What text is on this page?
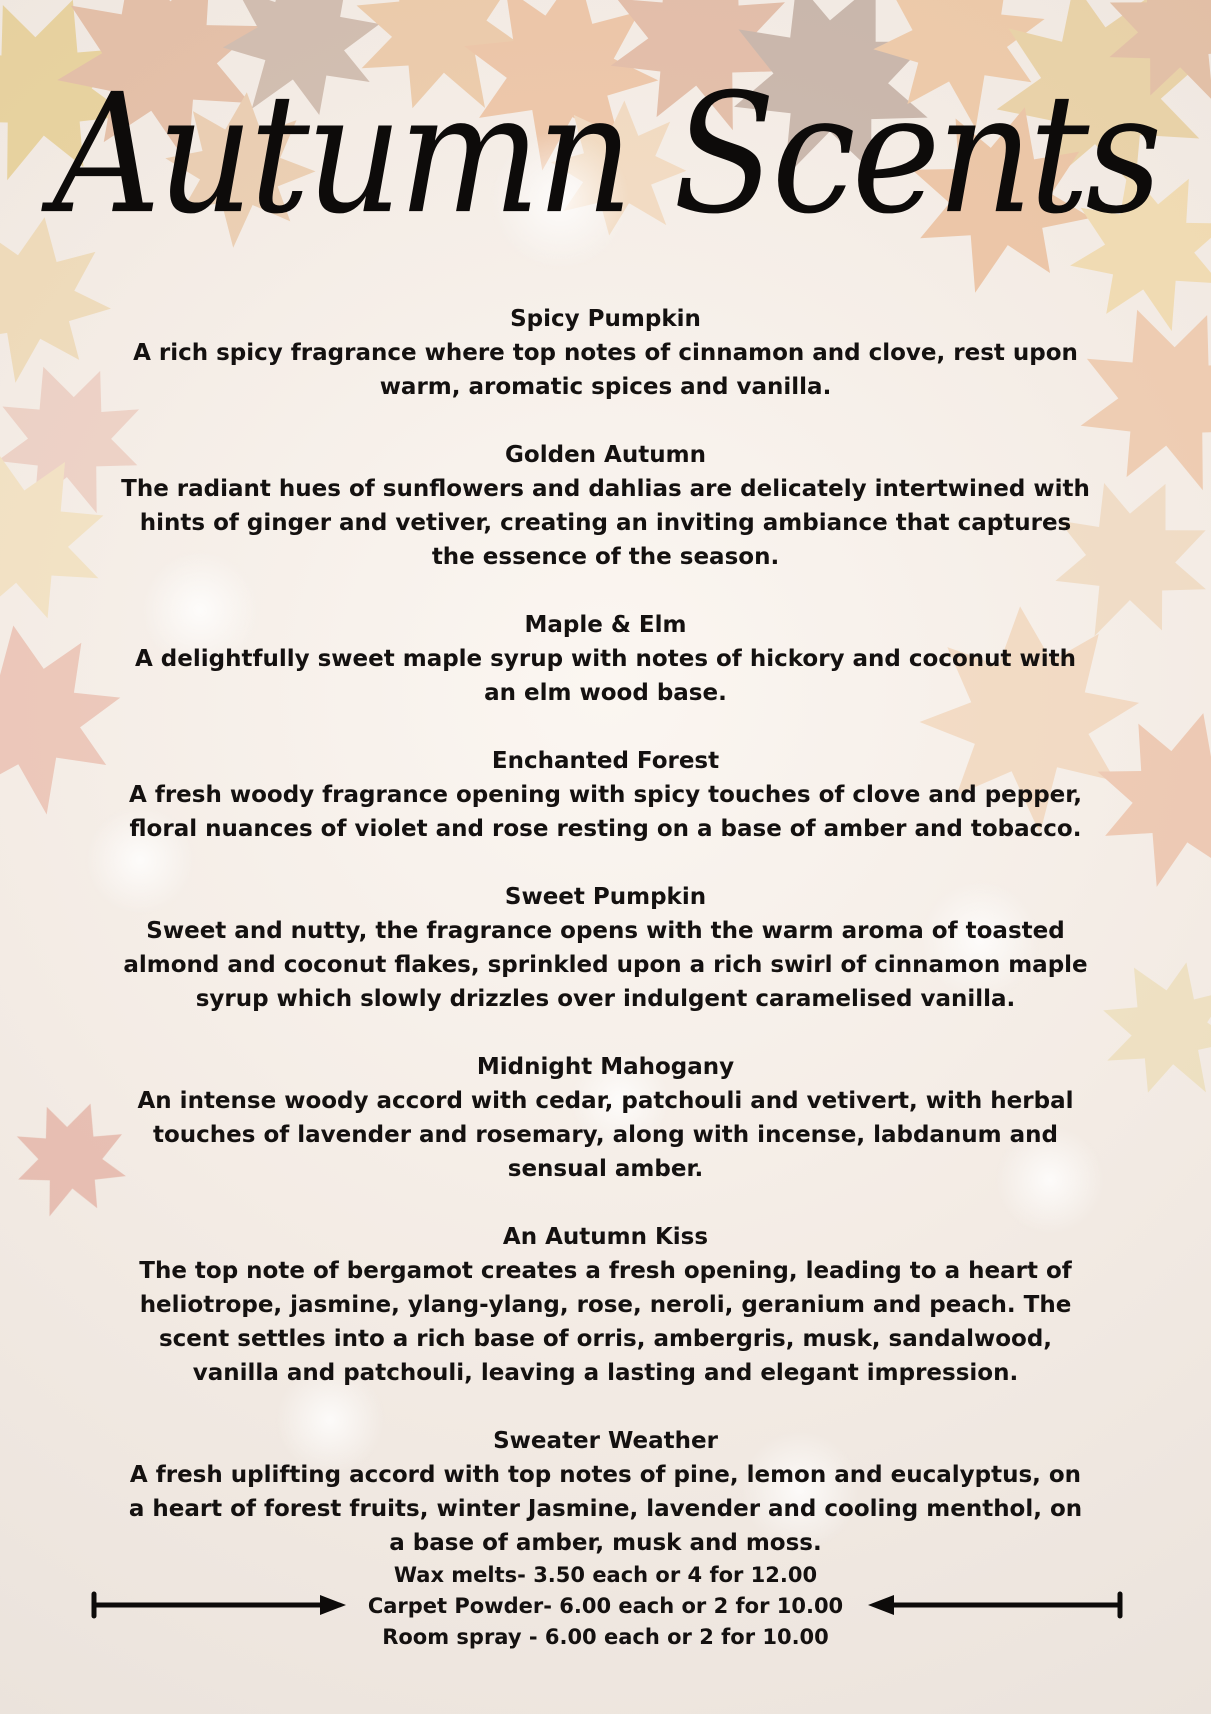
Autumn Scents
Spicy Pumpkin
A rich spicy fragrance where top notes of cinnamon and clove, rest upon warm, aromatic spices and vanilla.
Golden Autumn
The radiant hues of sunflowers and dahlias are delicately intertwined with hints of ginger and vetiver, creating an inviting ambiance that captures the essence of the season.
Maple & Elm
A delightfully sweet maple syrup with notes of hickory and coconut with an elm wood base.
Enchanted Forest
A fresh woody fragrance opening with spicy touches of clove and pepper, floral nuances of violet and rose resting on a base of amber and tobacco.
Sweet Pumpkin
Sweet and nutty, the fragrance opens with the warm aroma of toasted almond and coconut flakes, sprinkled upon a rich swirl of cinnamon maple syrup which slowly drizzles over indulgent caramelised vanilla.
Midnight Mahogany
An intense woody accord with cedar, patchouli and vetivert, with herbal touches of lavender and rosemary, along with incense, labdanum and sensual amber.
An Autumn Kiss
The top note of bergamot creates a fresh opening, leading to a heart of heliotrope, jasmine, ylang-ylang, rose, neroli, geranium and peach. The scent settles into a rich base of orris, ambergris, musk, sandalwood, vanilla and patchouli, leaving a lasting and elegant impression.
Sweater Weather
A fresh uplifting accord with top notes of pine, lemon and eucalyptus, on a heart of forest fruits, winter Jasmine, lavender and cooling menthol, on a base of amber, musk and moss.
Wax melts- 3.50 each or 4 for 12.00
Carpet Powder- 6.00 each or 2 for 10.00
Room spray - 6.00 each or 2 for 10.00
